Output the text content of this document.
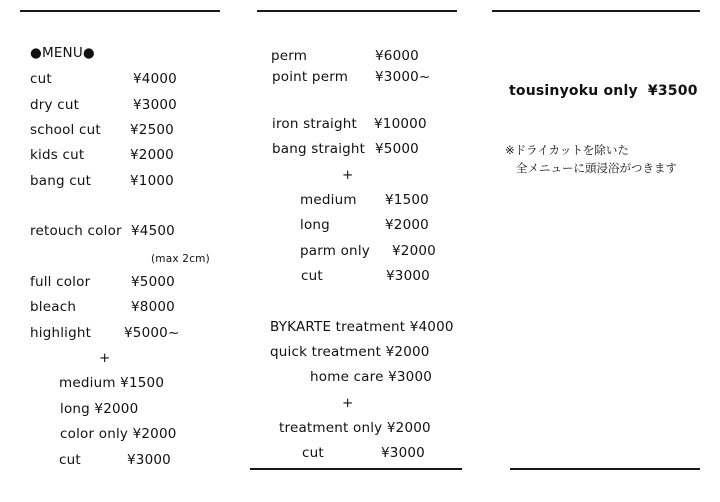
●MENU●
cut	¥4000
dry cut	¥3000
school cut ¥2500
kids cut	¥2000
bang cut	¥1000
retouch color ¥4500
(max 2cm)
full color	¥5000
bleach	¥8000
highlight ¥5000~
+
medium ¥1500
long ¥2000
color only ¥2000
cut	¥3000
perm	¥6000
point perm ¥3000~
iron straight ¥10000
bang straight ¥5000
+
medium ¥1500
long	¥2000
parm only ¥2000
cut	¥3000
BYKARTE treatment ¥4000
quick treatment ¥2000
home care ¥3000
+
treatment only ¥2000
cut	¥3000
tousinyoku only  ¥3500
※ドライカットを除いた
全メニューに頭浸浴がつきます
